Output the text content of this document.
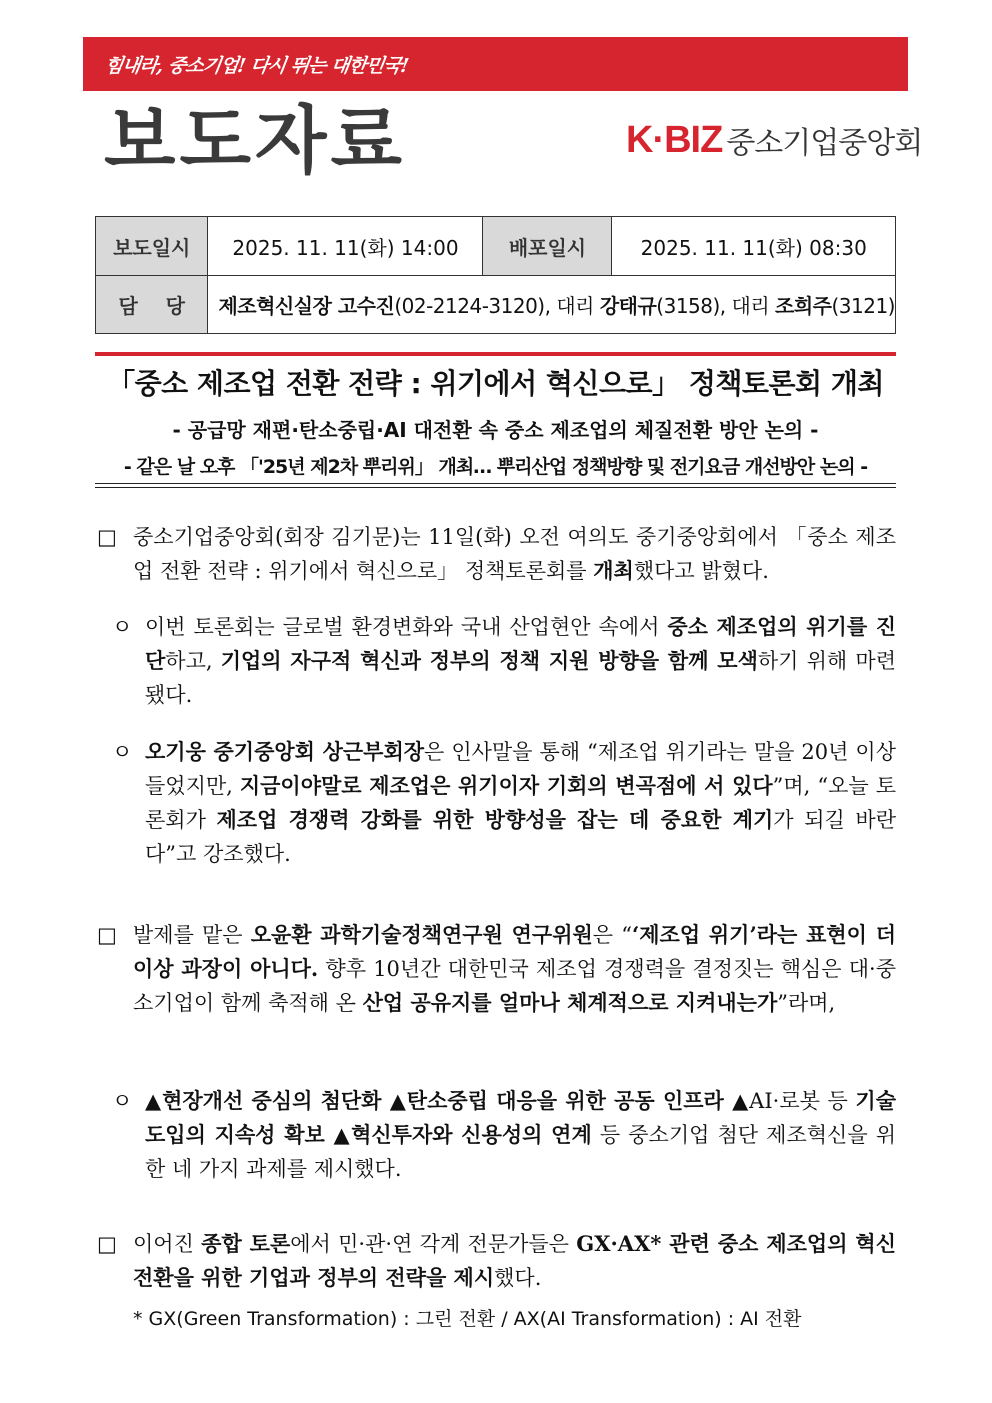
힘내라, 중소기업! 다시 뛰는 대한민국!
보도자료	K·BIZ 중소기업중앙회
보도일시	2025. 11. 11(화) 14:00	배포일시	2025. 11. 11(화) 08:30
담    당	제조혁신실장 고수진(02-2124-3120), 대리 강태규(3158), 대리 조희주(3121)		
「중소 제조업 전환 전략 : 위기에서 혁신으로」 정책토론회 개최
- 공급망 재편·탄소중립·AI 대전환 속 중소 제조업의 체질전환 방안 논의 -
- 같은 날 오후 「'25년 제2차 뿌리위」 개최… 뿌리산업 정책방향 및 전기요금 개선방안 논의 -
□ 중소기업중앙회(회장 김기문)는 11일(화) 오전 여의도 중기중앙회에서 「중소 제조업 전환 전략 : 위기에서 혁신으로」 정책토론회를 개최했다고 밝혔다.
ㅇ 이번 토론회는 글로벌 환경변화와 국내 산업현안 속에서 중소 제조업의 위기를 진단하고, 기업의 자구적 혁신과 정부의 정책 지원 방향을 함께 모색하기 위해 마련됐다.
ㅇ 오기웅 중기중앙회 상근부회장은 인사말을 통해 “제조업 위기라는 말을 20년 이상 들었지만, 지금이야말로 제조업은 위기이자 기회의 변곡점에 서 있다”며, “오늘 토론회가 제조업 경쟁력 강화를 위한 방향성을 잡는 데 중요한 계기가 되길 바란다”고 강조했다.
□ 발제를 맡은 오윤환 과학기술정책연구원 연구위원은 “‘제조업 위기’라는 표현이 더 이상 과장이 아니다. 향후 10년간 대한민국 제조업 경쟁력을 결정짓는 핵심은 대·중소기업이 함께 축적해 온 산업 공유지를 얼마나 체계적으로 지켜내는가”라며,
ㅇ ▲현장개선 중심의 첨단화 ▲탄소중립 대응을 위한 공동 인프라 ▲AI·로봇 등 기술도입의 지속성 확보 ▲혁신투자와 신용성의 연계 등 중소기업 첨단 제조혁신을 위한 네 가지 과제를 제시했다.
□ 이어진 종합 토론에서 민·관·연 각계 전문가들은 GX·AX* 관련 중소 제조업의 혁신 전환을 위한 기업과 정부의 전략을 제시했다.
* GX(Green Transformation) : 그린 전환 / AX(AI Transformation) : AI 전환
